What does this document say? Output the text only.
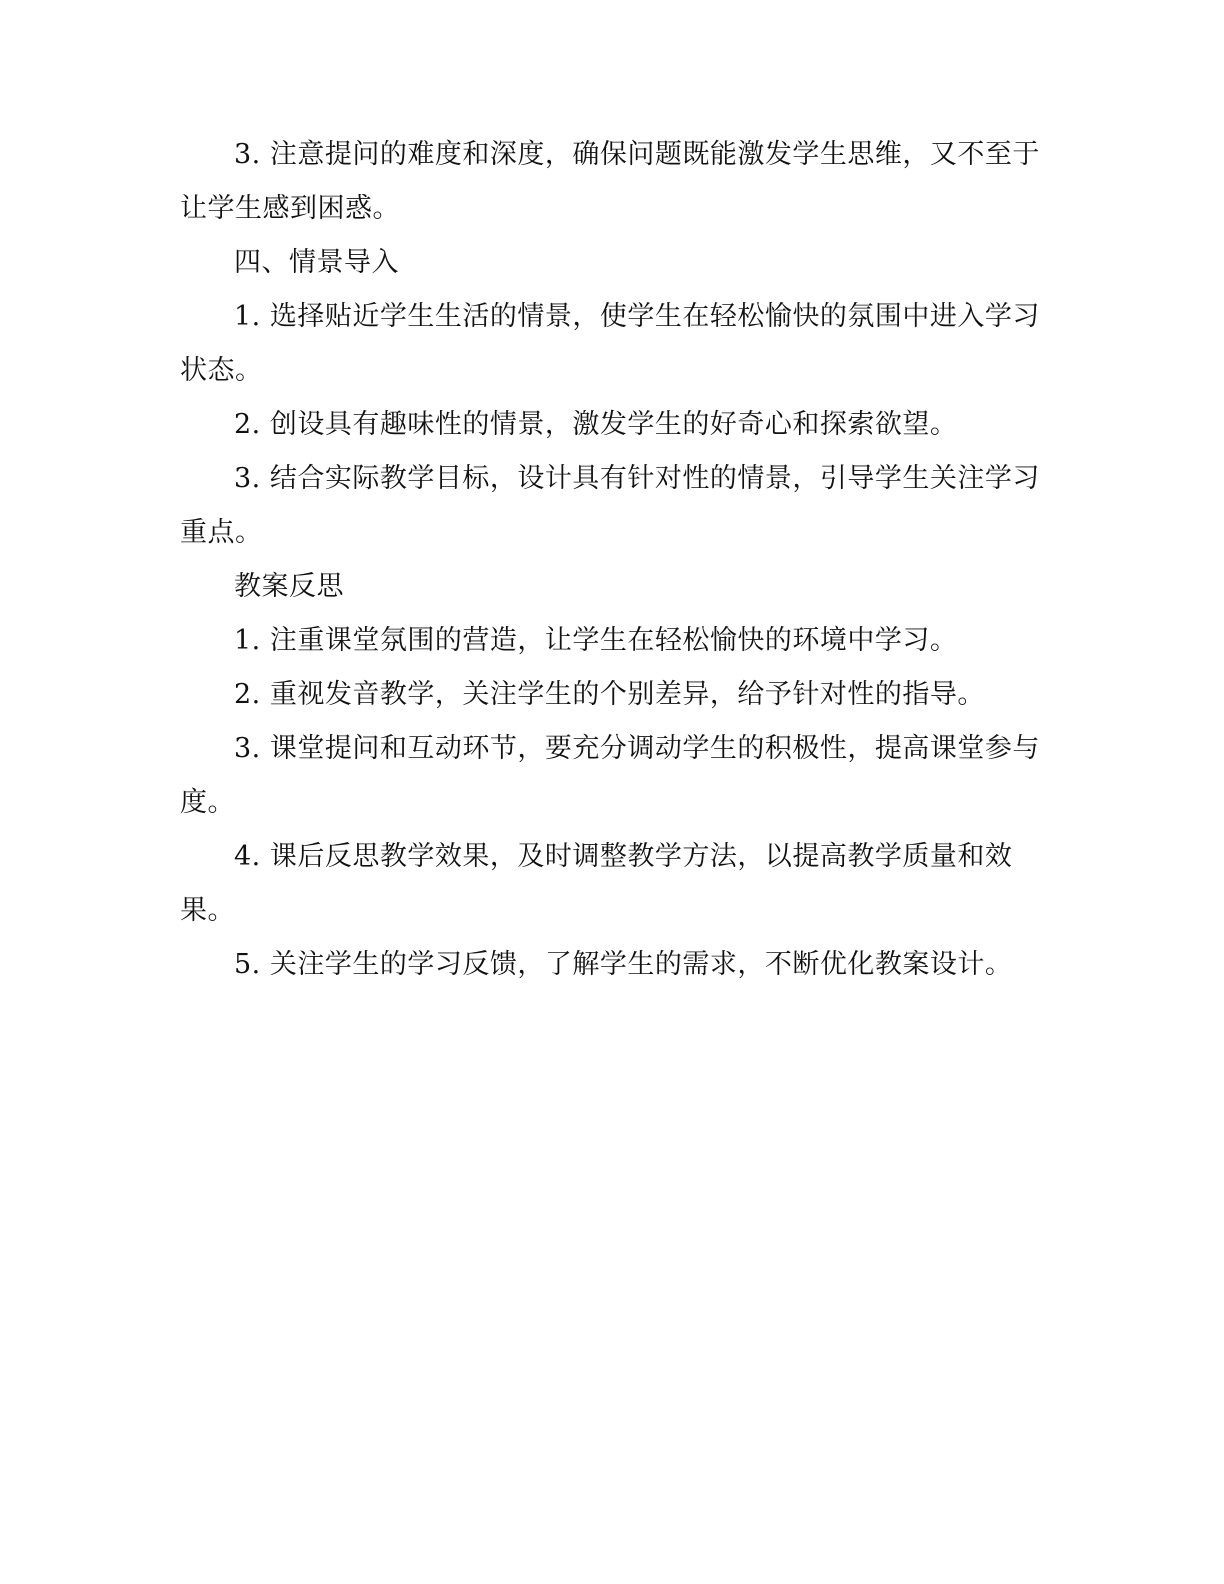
3. 注意提问的难度和深度，确保问题既能激发学生思维，又不至于让学生感到困惑。

四、情景导入

1. 选择贴近学生生活的情景，使学生在轻松愉快的氛围中进入学习状态。

2. 创设具有趣味性的情景，激发学生的好奇心和探索欲望。

3. 结合实际教学目标，设计具有针对性的情景，引导学生关注学习重点。

教案反思

1. 注重课堂氛围的营造，让学生在轻松愉快的环境中学习。

2. 重视发音教学，关注学生的个别差异，给予针对性的指导。

3. 课堂提问和互动环节，要充分调动学生的积极性，提高课堂参与度。

4. 课后反思教学效果，及时调整教学方法，以提高教学质量和效果。

5. 关注学生的学习反馈，了解学生的需求，不断优化教案设计。
